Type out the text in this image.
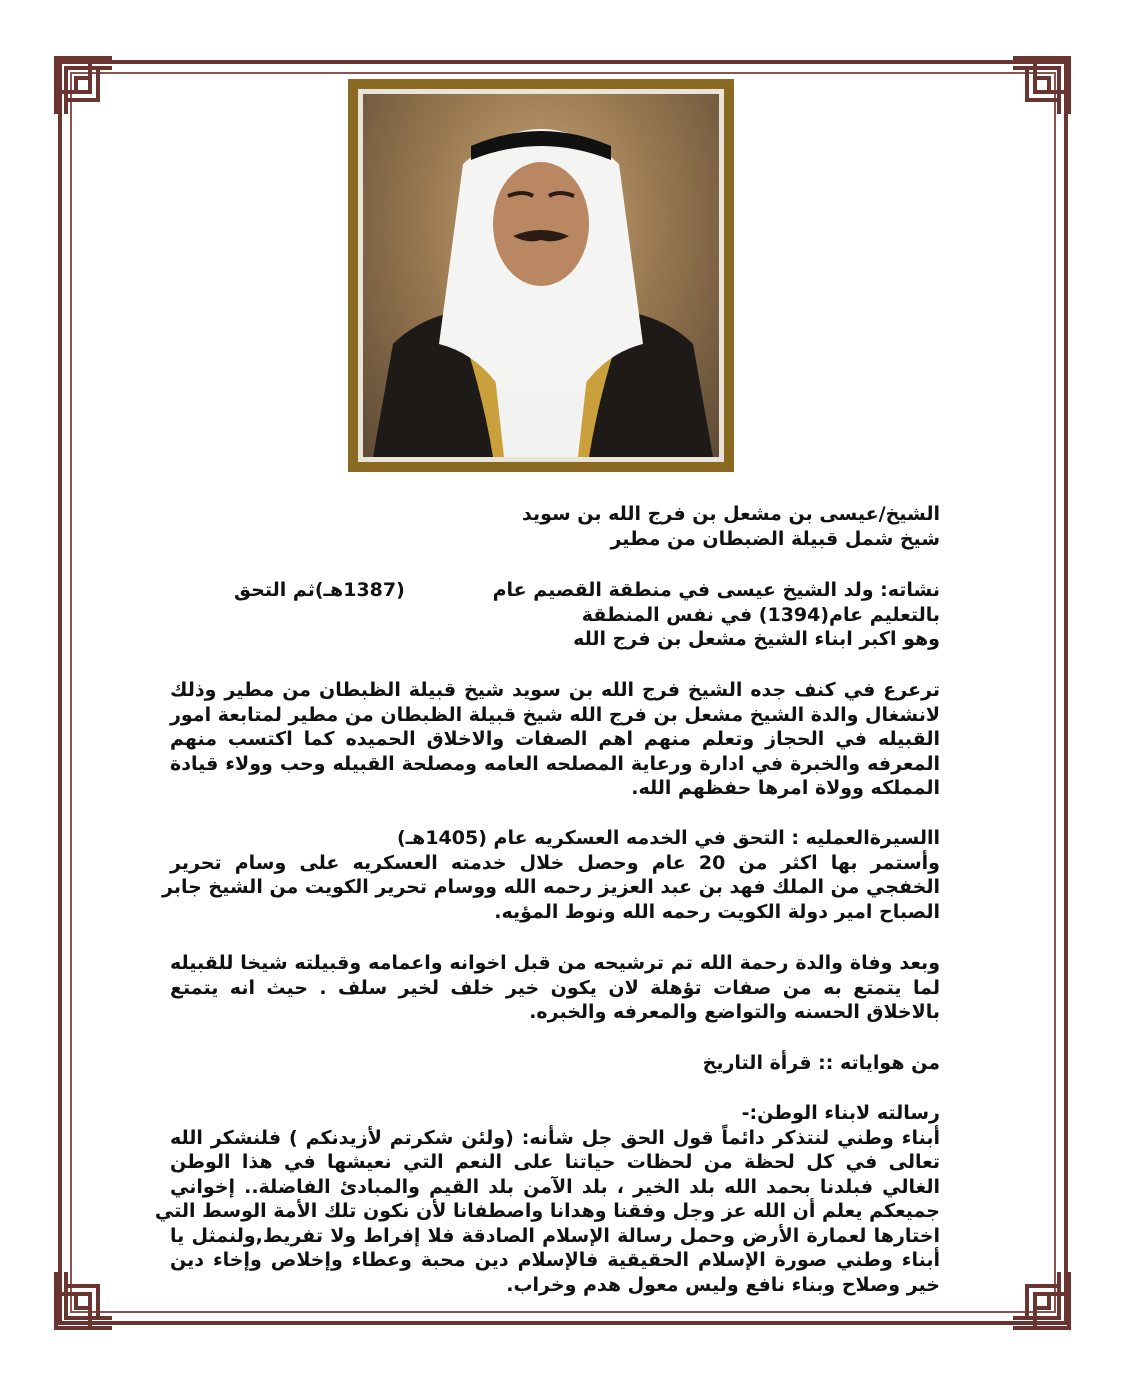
الشيخ/عيسى بن مشعل بن فرج الله بن سويد
شيخ شمل قبيلة الضبطان من مطير
نشاته: ولد الشيخ عيسى في منطقة القصيم عام
(1387هـ)ثم التحق
بالتعليم عام(1394) في نفس المنطقة
وهو اكبر ابناء الشيخ مشعل بن فرج الله
ترعرع في كنف جده الشيخ فرج الله بن سويد شيخ قبيلة الظبطان من مطير وذلك
لانشغال والدة الشيخ مشعل بن فرج الله شيخ قبيلة الظبطان من مطير لمتابعة امور
القبيله في الحجاز وتعلم منهم اهم الصفات والاخلاق الحميده كما اكتسب منهم
المعرفه والخبرة في ادارة ورعاية المصلحه العامه ومصلحة القبيله وحب وولاء قيادة
المملكه وولاة امرها حفظهم الله.
االسيرةالعمليه : التحق في الخدمه العسكريه عام (1405هـ)
وأستمر بها اكثر من 20 عام وحصل خلال خدمته العسكريه على وسام تحرير
الخفجي من الملك فهد بن عبد العزيز رحمه الله ووسام تحرير الكويت من الشيخ جابر
الصباح امير دولة الكويت رحمه الله ونوط المؤيه.
وبعد وفاة والدة رحمة الله تم ترشيحه من قبل اخوانه واعمامه وقبيلته شيخا للقبيله
لما يتمتع به من صفات تؤهلة لان يكون خير خلف لخير سلف . حيث انه يتمتع
بالاخلاق الحسنه والتواضع والمعرفه والخبره.
من هواياته :: قرأة التاريخ
رسالته لابناء الوطن:-
أبناء وطني لنتذكر دائماً قول الحق جل شأنه: (ولئن شكرتم لأزيدنكم ) فلنشكر الله
تعالى في كل لحظة من لحظات حياتنا على النعم التي نعيشها في هذا الوطن
الغالي فبلدنا بحمد الله بلد الخير ، بلد الآمن بلد القيم والمبادئ الفاضلة.. إخواني
جميعكم يعلم أن الله عز وجل وفقنا وهدانا واصطفانا لأن نكون تلك الأمة الوسط التي
اختارها لعمارة الأرض وحمل رسالة الإسلام الصادقة فلا إفراط ولا تفريط,ولنمثل يا
أبناء وطني صورة الإسلام الحقيقية فالإسلام دين محبة وعطاء وإخلاص وإخاء دين
خير وصلاح وبناء نافع وليس معول هدم وخراب.
